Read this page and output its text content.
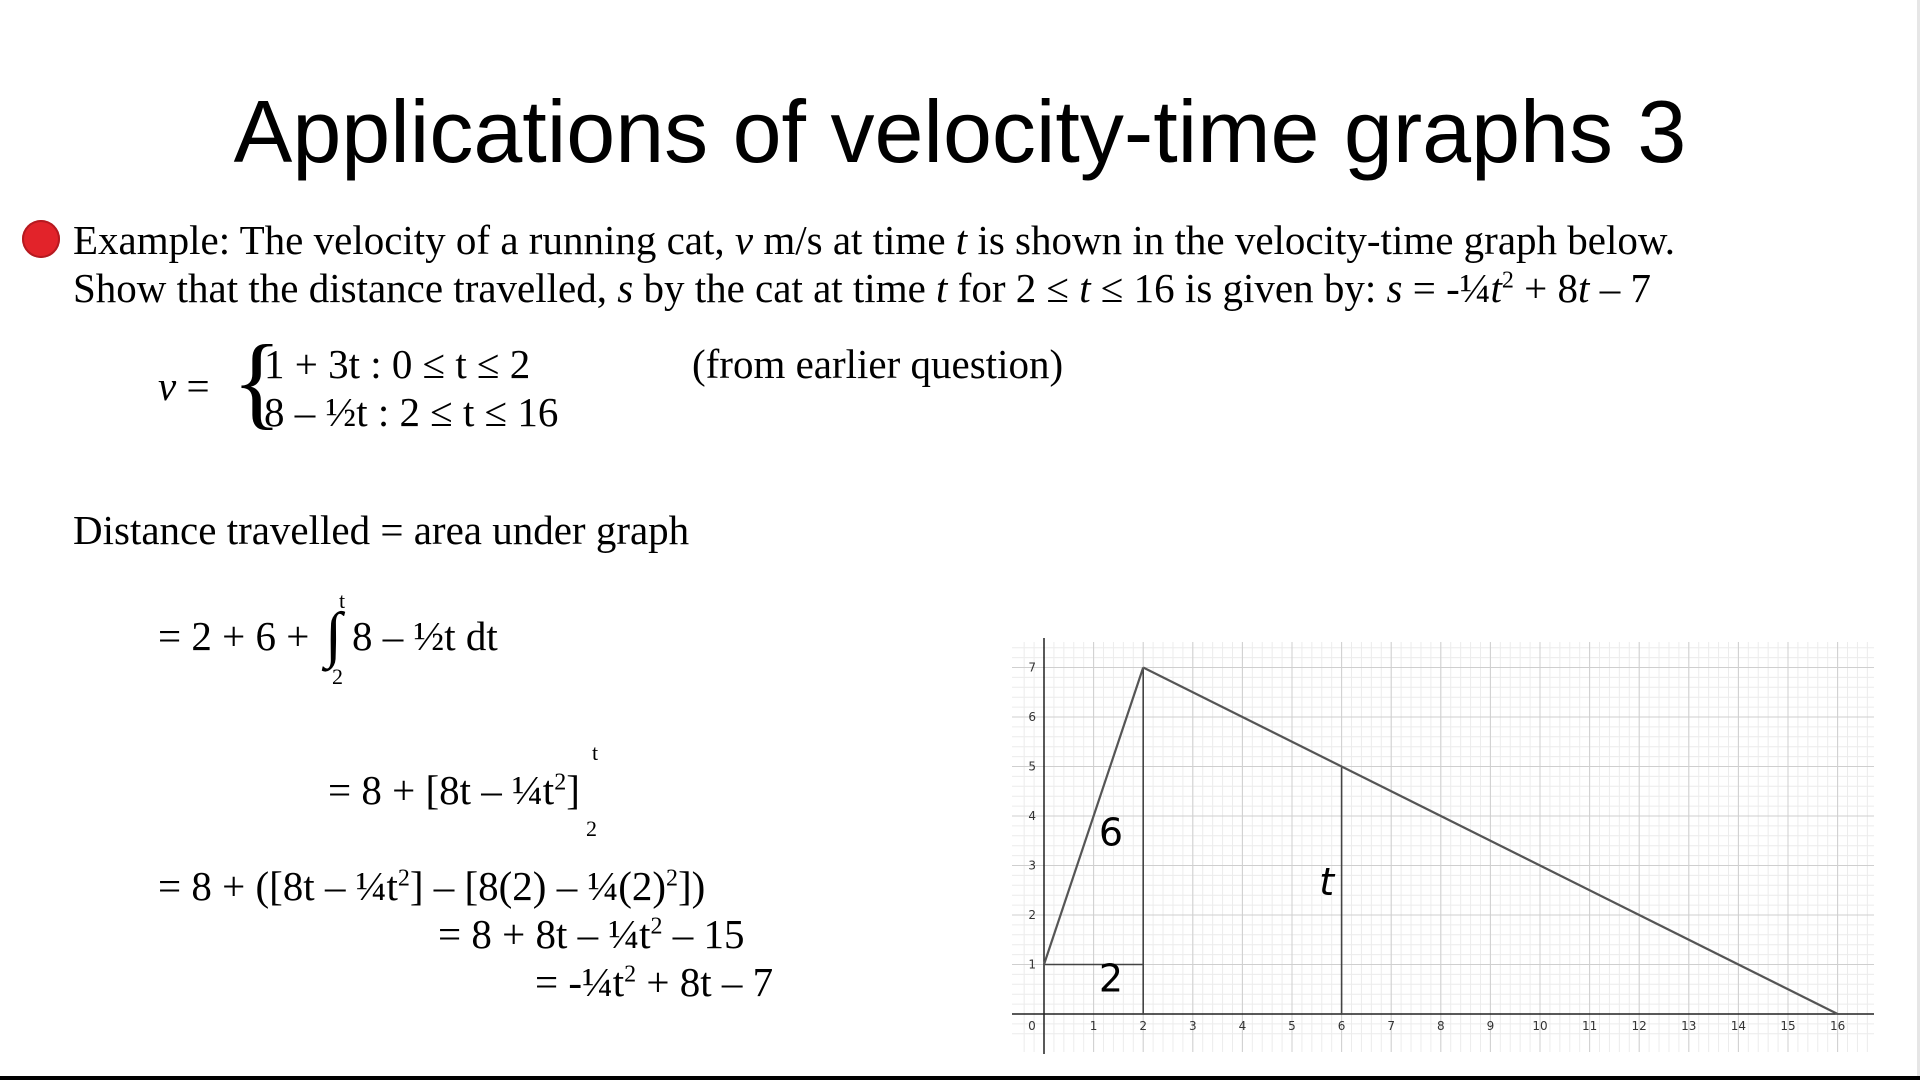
Applications of velocity-time graphs 3
Example: The velocity of a running cat, v m/s at time t is shown in the velocity-time graph below.
Show that the distance travelled, s by the cat at time t for 2 ≤ t ≤ 16 is given by: $s = -\frac{1}{4}t^2 + 8t - 7$
v = {
1 + 3t : 0 ≤ t ≤ 2
8 – ½t : 2 ≤ t ≤ 16
(from earlier question)
Distance travelled = area under graph
= 2 + 6 +
t
∫
2
8 – ½t dt
= $8 + [8t - \frac{1}{4}t^2]$
t
2
= $8 + ([8t - \frac{1}{4}t^2] - [8(2)$ – $\frac{1}{4}(2)^2$])
= $8 + 8t - \frac{1}{4}t^2 - 15$
= $-\frac{1}{4}t^2 + 8t - 7$
0	1	2	3	4	5	6	7	8	9	10	11	12	13	14	15	16
1
2
3
4
5
6
7
6
t
2
